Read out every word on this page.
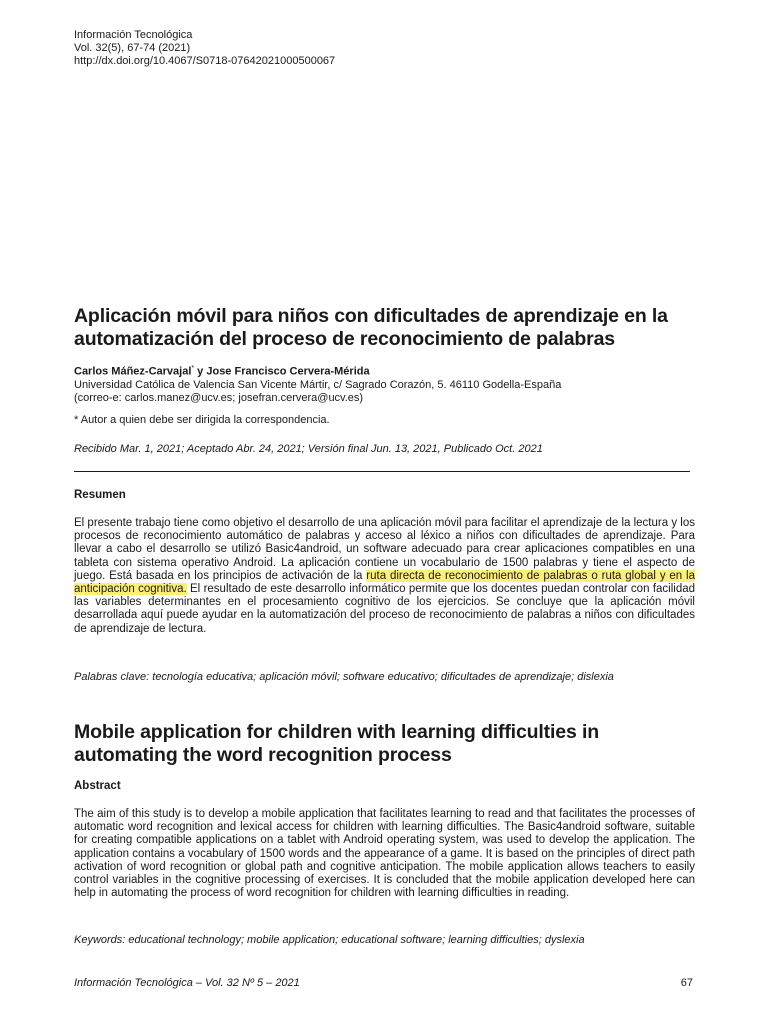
Información Tecnológica
Vol. 32(5), 67-74 (2021)
http://dx.doi.org/10.4067/S0718-07642021000500067
Aplicación móvil para niños con dificultades de aprendizaje en la automatización del proceso de reconocimiento de palabras
Carlos Máñez-Carvajal* y Jose Francisco Cervera-Mérida
Universidad Católica de Valencia San Vicente Mártir, c/ Sagrado Corazón, 5. 46110 Godella-España
(correo-e: carlos.manez@ucv.es; josefran.cervera@ucv.es)
* Autor a quien debe ser dirigida la correspondencia.
Recibido Mar. 1, 2021; Aceptado Abr. 24, 2021; Versión final Jun. 13, 2021, Publicado Oct. 2021
Resumen
El presente trabajo tiene como objetivo el desarrollo de una aplicación móvil para facilitar el aprendizaje de la lectura y los procesos de reconocimiento automático de palabras y acceso al léxico a niños con dificultades de aprendizaje. Para llevar a cabo el desarrollo se utilizó Basic4android, un software adecuado para crear aplicaciones compatibles en una tableta con sistema operativo Android. La aplicación contiene un vocabulario de 1500 palabras y tiene el aspecto de juego. Está basada en los principios de activación de la ruta directa de reconocimiento de palabras o ruta global y en la anticipación cognitiva. El resultado de este desarrollo informático permite que los docentes puedan controlar con facilidad las variables determinantes en el procesamiento cognitivo de los ejercicios. Se concluye que la aplicación móvil desarrollada aquí puede ayudar en la automatización del proceso de reconocimiento de palabras a niños con dificultades de aprendizaje de lectura.
Palabras clave: tecnología educativa; aplicación móvil; software educativo; dificultades de aprendizaje; dislexia
Mobile application for children with learning difficulties in automating the word recognition process
Abstract
The aim of this study is to develop a mobile application that facilitates learning to read and that facilitates the processes of automatic word recognition and lexical access for children with learning difficulties. The Basic4android software, suitable for creating compatible applications on a tablet with Android operating system, was used to develop the application. The application contains a vocabulary of 1500 words and the appearance of a game. It is based on the principles of direct path activation of word recognition or global path and cognitive anticipation. The mobile application allows teachers to easily control variables in the cognitive processing of exercises. It is concluded that the mobile application developed here can help in automating the process of word recognition for children with learning difficulties in reading.
Keywords: educational technology; mobile application; educational software; learning difficulties; dyslexia
Información Tecnológica – Vol. 32 Nº 5 – 2021	67
